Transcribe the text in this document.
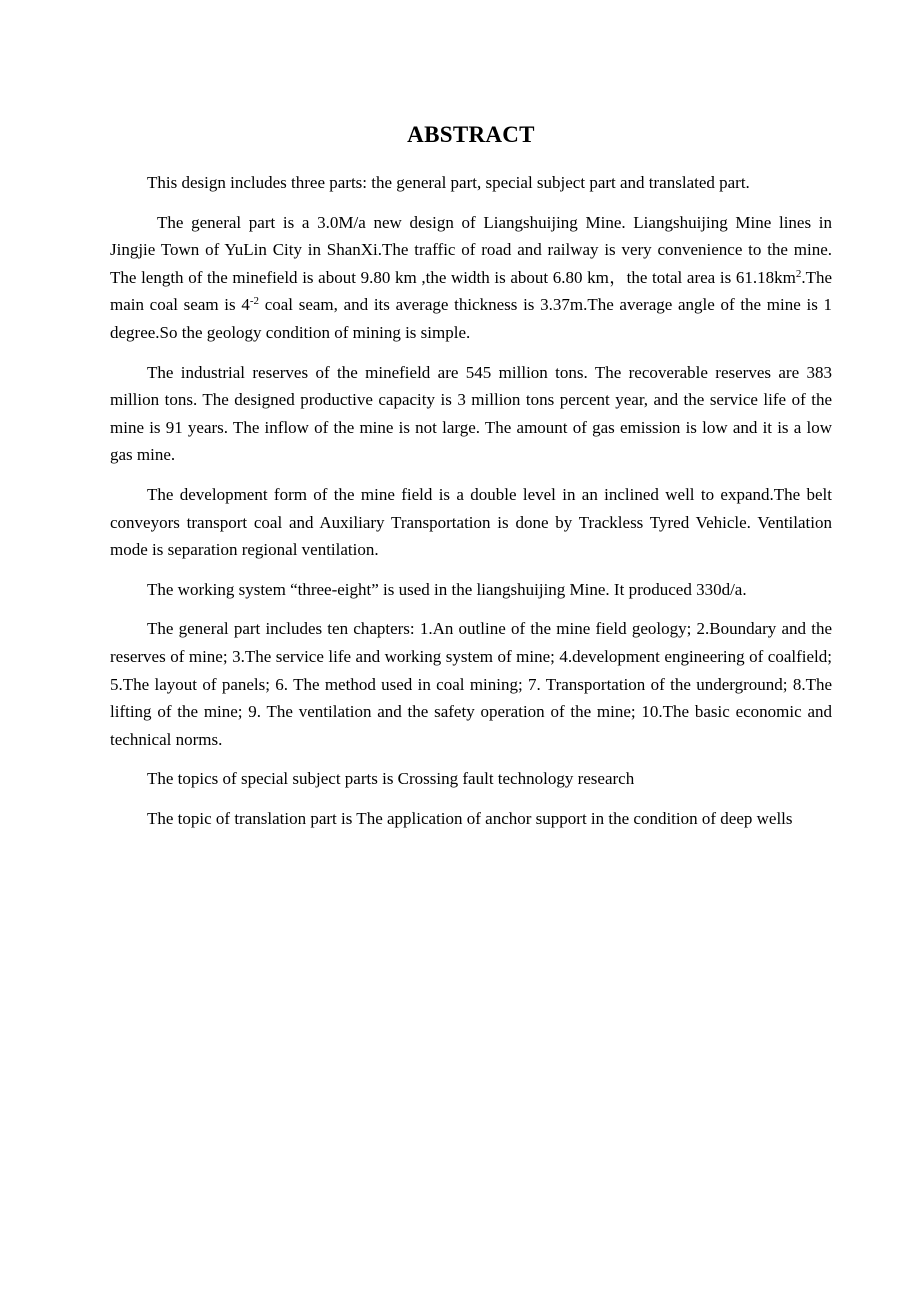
ABSTRACT

This design includes three parts: the general part, special subject part and translated part.

The general part is a 3.0M/a new design of Liangshuijing Mine. Liangshuijing Mine lines in Jingjie Town of YuLin City in ShanXi.The traffic of road and railway is very convenience to the mine. The length of the minefield is about 9.80 km ,the width is about 6.80 km，the total area is $61.18km^2.The$ main coal seam is $4^{-2}$ coal seam, and its average thickness is 3.37m.The average angle of the mine is 1 degree.So the geology condition of mining is simple.

The industrial reserves of the minefield are 545 million tons. The recoverable reserves are 383 million tons. The designed productive capacity is 3 million tons percent year, and the service life of the mine is 91 years. The inflow of the mine is not large. The amount of gas emission is low and it is a low gas mine.

The development form of the mine field is a double level in an inclined well to expand.The belt conveyors transport coal and Auxiliary Transportation is done by Trackless Tyred Vehicle. Ventilation mode is separation regional ventilation.

The working system “three-eight” is used in the liangshuijing Mine. It produced 330d/a.

The general part includes ten chapters: 1.An outline of the mine field geology; 2.Boundary and the reserves of mine; 3.The service life and working system of mine; 4.development engineering of coalfield; 5.The layout of panels; 6. The method used in coal mining; 7. Transportation of the underground; 8.The lifting of the mine; 9. The ventilation and the safety operation of the mine; 10.The basic economic and technical norms.

The topics of special subject parts is Crossing fault technology research

The topic of translation part is The application of anchor support in the condition of deep wells
